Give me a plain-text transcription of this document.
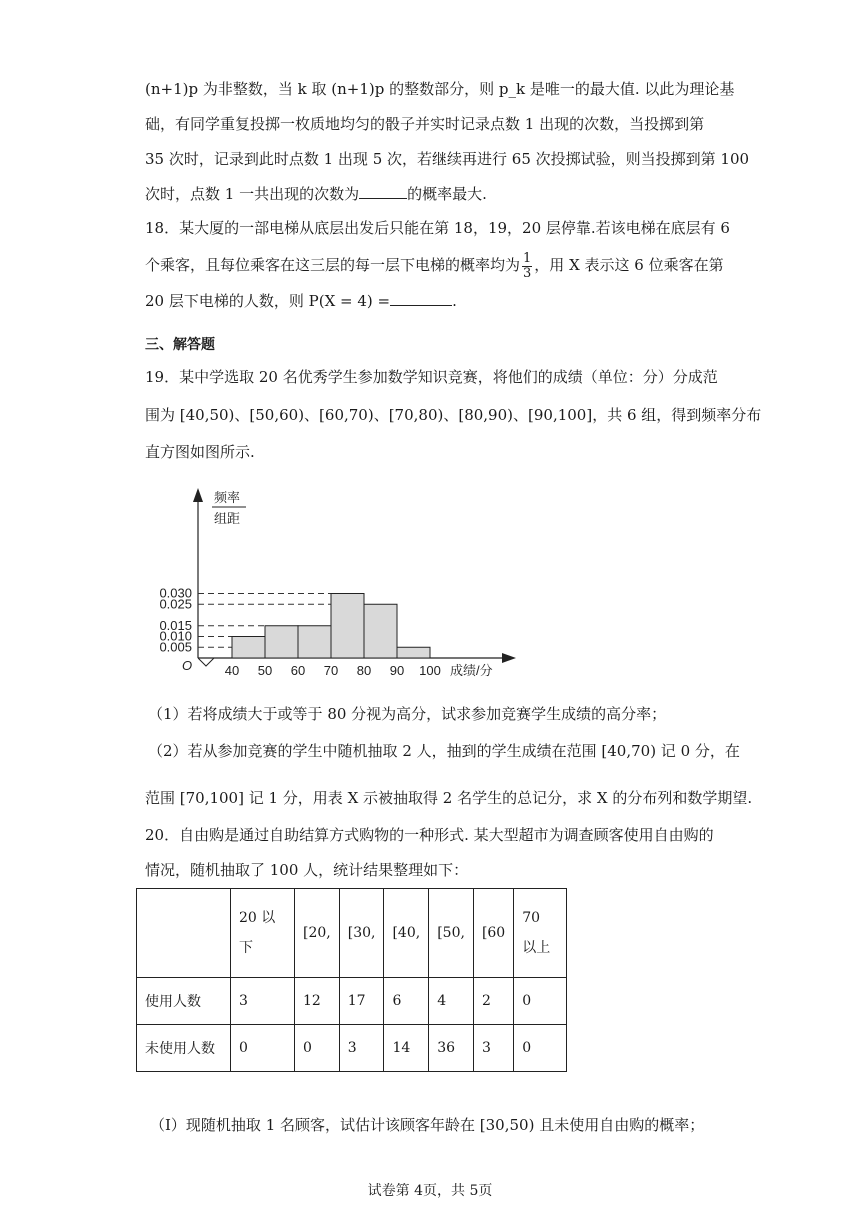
(n+1)p 为非整数，当 k 取 (n+1)p 的整数部分，则 p_k 是唯一的最大值. 以此为理论基
础，有同学重复投掷一枚质地均匀的骰子并实时记录点数 1 出现的次数，当投掷到第
35 次时，记录到此时点数 1 出现 5 次，若继续再进行 65 次投掷试验，则当投掷到第 100
次时，点数 1 一共出现的次数为	的概率最大.
18．某大厦的一部电梯从底层出发后只能在第 18，19，20 层停靠.若该电梯在底层有 6
个乘客，且每位乘客在这三层的每一层下电梯的概率均为 $\frac{1}{3}$ ，用 X 表示这 6 位乘客在第
20 层下电梯的人数，则 P(X = 4) =	.
三、解答题
19．某中学选取 20 名优秀学生参加数学知识竞赛，将他们的成绩（单位：分）分成范
围为 [40,50)、[50,60)、[60,70)、[70,80)、[80,90)、[90,100]，共 6 组，得到频率分布
直方图如图所示.
0.005
0.010
0.015
0.025
0.030
40 50 60 70 80 90 100
O	成绩/分
频率
组距
（1）若将成绩大于或等于 80 分视为高分，试求参加竞赛学生成绩的高分率；
（2）若从参加竞赛的学生中随机抽取 2 人，抽到的学生成绩在范围 [40,70) 记 0 分，在
范围 [70,100] 记 1 分，用表 X 示被抽取得 2 名学生的总记分，求 X 的分布列和数学期望.
20．自由购是通过自助结算方式购物的一种形式. 某大型超市为调查顾客使用自由购的
情况，随机抽取了 100 人，统计结果整理如下：
	20 以下	[20,	[30,	[40,	[50,	[60	70 以上
使用人数	3	12	17	6	4	2	0
未使用人数	0	0	3	14	36	3	0
（Ⅰ）现随机抽取 1 名顾客，试估计该顾客年龄在 [30,50) 且未使用自由购的概率；
试卷第 4页，共 5页
